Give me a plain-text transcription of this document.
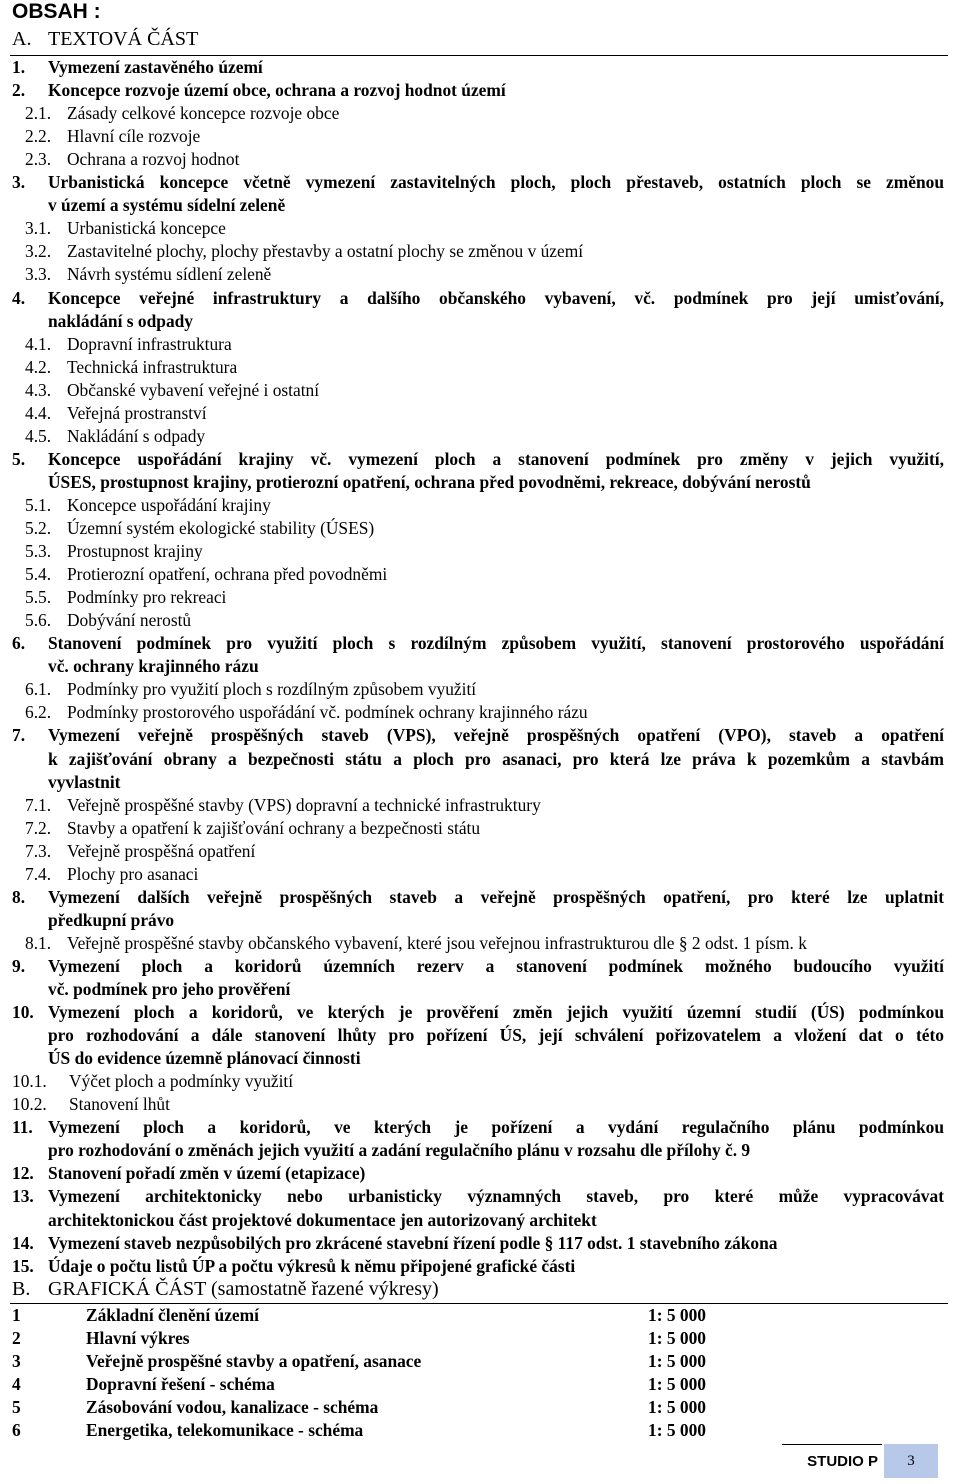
OBSAH :
A. TEXTOVÁ ČÁST
1. Vymezení zastavěného území
2. Koncepce rozvoje území obce, ochrana a rozvoj hodnot území
2.1. Zásady celkové koncepce rozvoje obce
2.2. Hlavní cíle rozvoje
2.3. Ochrana a rozvoj hodnot
3. Urbanistická koncepce včetně vymezení zastavitelných ploch, ploch přestaveb, ostatních ploch se změnou
v území a systému sídelní zeleně
3.1. Urbanistická koncepce
3.2. Zastavitelné plochy, plochy přestavby a ostatní plochy se změnou v území
3.3. Návrh systému sídlení zeleně
4. Koncepce veřejné infrastruktury a dalšího občanského vybavení, vč. podmínek pro její umisťování,
nakládání s odpady
4.1. Dopravní infrastruktura
4.2. Technická infrastruktura
4.3. Občanské vybavení veřejné i ostatní
4.4. Veřejná prostranství
4.5. Nakládání s odpady
5. Koncepce uspořádání krajiny vč. vymezení ploch a stanovení podmínek pro změny v jejich využití,
ÚSES, prostupnost krajiny, protierozní opatření, ochrana před povodněmi, rekreace, dobývání nerostů
5.1. Koncepce uspořádání krajiny
5.2. Územní systém ekologické stability (ÚSES)
5.3. Prostupnost krajiny
5.4. Protierozní opatření, ochrana před povodněmi
5.5. Podmínky pro rekreaci
5.6. Dobývání nerostů
6. Stanovení podmínek pro využití ploch s rozdílným způsobem využití, stanovení prostorového uspořádání
vč. ochrany krajinného rázu
6.1. Podmínky pro využití ploch s rozdílným způsobem využití
6.2. Podmínky prostorového uspořádání vč. podmínek ochrany krajinného rázu
7. Vymezení veřejně prospěšných staveb (VPS), veřejně prospěšných opatření (VPO), staveb a opatření
k zajišťování obrany a bezpečnosti státu a ploch pro asanaci, pro která lze práva k pozemkům a stavbám
vyvlastnit
7.1. Veřejně prospěšné stavby (VPS) dopravní a technické infrastruktury
7.2. Stavby a opatření k zajišťování ochrany a bezpečnosti státu
7.3. Veřejně prospěšná opatření
7.4. Plochy pro asanaci
8. Vymezení dalších veřejně prospěšných staveb a veřejně prospěšných opatření, pro které lze uplatnit
předkupní právo
8.1. Veřejně prospěšné stavby občanského vybavení, které jsou veřejnou infrastrukturou dle § 2 odst. 1 písm. k
9. Vymezení ploch a koridorů územních rezerv a stanovení podmínek možného budoucího využití
vč. podmínek pro jeho prověření
10. Vymezení ploch a koridorů, ve kterých je prověření změn jejich využití územní studií (ÚS) podmínkou
pro rozhodování a dále stanovení lhůty pro pořízení ÚS, její schválení pořizovatelem a vložení dat o této
ÚS do evidence územně plánovací činnosti
10.1. Výčet ploch a podmínky využití
10.2. Stanovení lhůt
11. Vymezení ploch a koridorů, ve kterých je pořízení a vydání regulačního plánu podmínkou
pro rozhodování o změnách jejich využití a zadání regulačního plánu v rozsahu dle přílohy č. 9
12. Stanovení pořadí změn v území (etapizace)
13. Vymezení architektonicky nebo urbanisticky významných staveb, pro které může vypracovávat
architektonickou část projektové dokumentace jen autorizovaný architekt
14. Vymezení staveb nezpůsobilých pro zkrácené stavební řízení podle § 117 odst. 1 stavebního zákona
15. Údaje o počtu listů ÚP a počtu výkresů k němu připojené grafické části
B. GRAFICKÁ ČÁST (samostatně řazené výkresy)
1	Základní členění území	1: 5 000
2	Hlavní výkres	1: 5 000
3	Veřejně prospěšné stavby a opatření, asanace	1: 5 000
4	Dopravní řešení - schéma	1: 5 000
5	Zásobování vodou, kanalizace - schéma	1: 5 000
6	Energetika, telekomunikace - schéma	1: 5 000
STUDIO P	3
